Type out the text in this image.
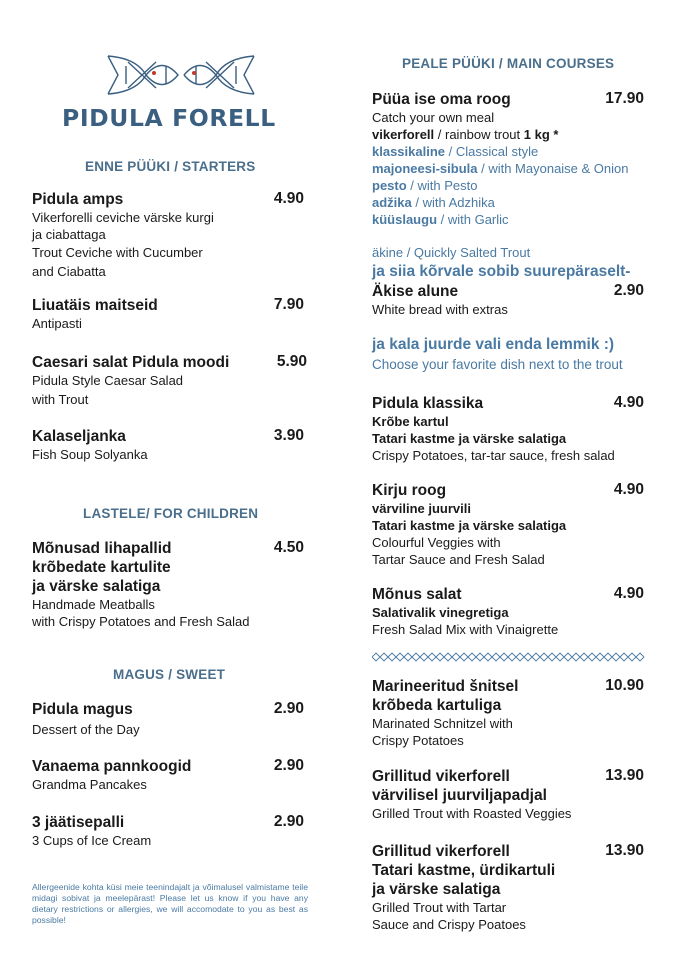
PIDULA FORELL
ENNE PÜÜKI / STARTERS
Pidula amps	4.90
Vikerforelli ceviche värske kurgi
ja ciabattaga
Trout Ceviche with Cucumber
and Ciabatta
Liuatäis maitseid	7.90
Antipasti
Caesari salat Pidula moodi	5.90
Pidula Style Caesar Salad
with Trout
Kalaseljanka	3.90
Fish Soup Solyanka
LASTELE/ FOR CHILDREN
Mõnusad lihapallid
krõbedate kartulite
ja värske salatiga
4.50
Handmade Meatballs
with Crispy Potatoes and Fresh Salad
MAGUS / SWEET
Pidula magus	2.90
Dessert of the Day
Vanaema pannkoogid	2.90
Grandma Pancakes
3 jäätisepalli	2.90
3 Cups of Ice Cream
Allergeenide kohta küsi meie teenindajalt ja võimalusel valmistame teile midagi sobivat ja meelepärast! Please let us know if you have any dietary restrictions or allergies, we will accomodate to you as best as possible!
PEALE PÜÜKI / MAIN COURSES
Püüa ise oma roog	17.90
Catch your own meal
vikerforell / rainbow trout 1 kg *
klassikaline / Classical style
majoneesi-sibula / with Mayonaise & Onion
pesto / with Pesto
adžika / with Adzhika
küüslaugu / with Garlic
äkine / Quickly Salted Trout
ja siia kõrvale sobib suurepäraselt-
Äkise alune	2.90
White bread with extras
ja kala juurde vali enda lemmik :)
Choose your favorite dish next to the trout
Pidula klassika	4.90
Krõbe kartul
Tatari kastme ja värske salatiga
Crispy Potatoes, tar-tar sauce, fresh salad
Kirju roog	4.90
värviline juurvili
Tatari kastme ja värske salatiga
Colourful Veggies with
Tartar Sauce and Fresh Salad
Mõnus salat	4.90
Salativalik vinegretiga
Fresh Salad Mix with Vinaigrette
Marineeritud šnitsel
krõbeda kartuliga
10.90
Marinated Schnitzel with
Crispy Potatoes
Grillitud vikerforell
värvilisel juurviljapadjal
13.90
Grilled Trout with Roasted Veggies
Grillitud vikerforell
Tatari kastme, ürdikartuli
ja värske salatiga
13.90
Grilled Trout with Tartar
Sauce and Crispy Poatoes
